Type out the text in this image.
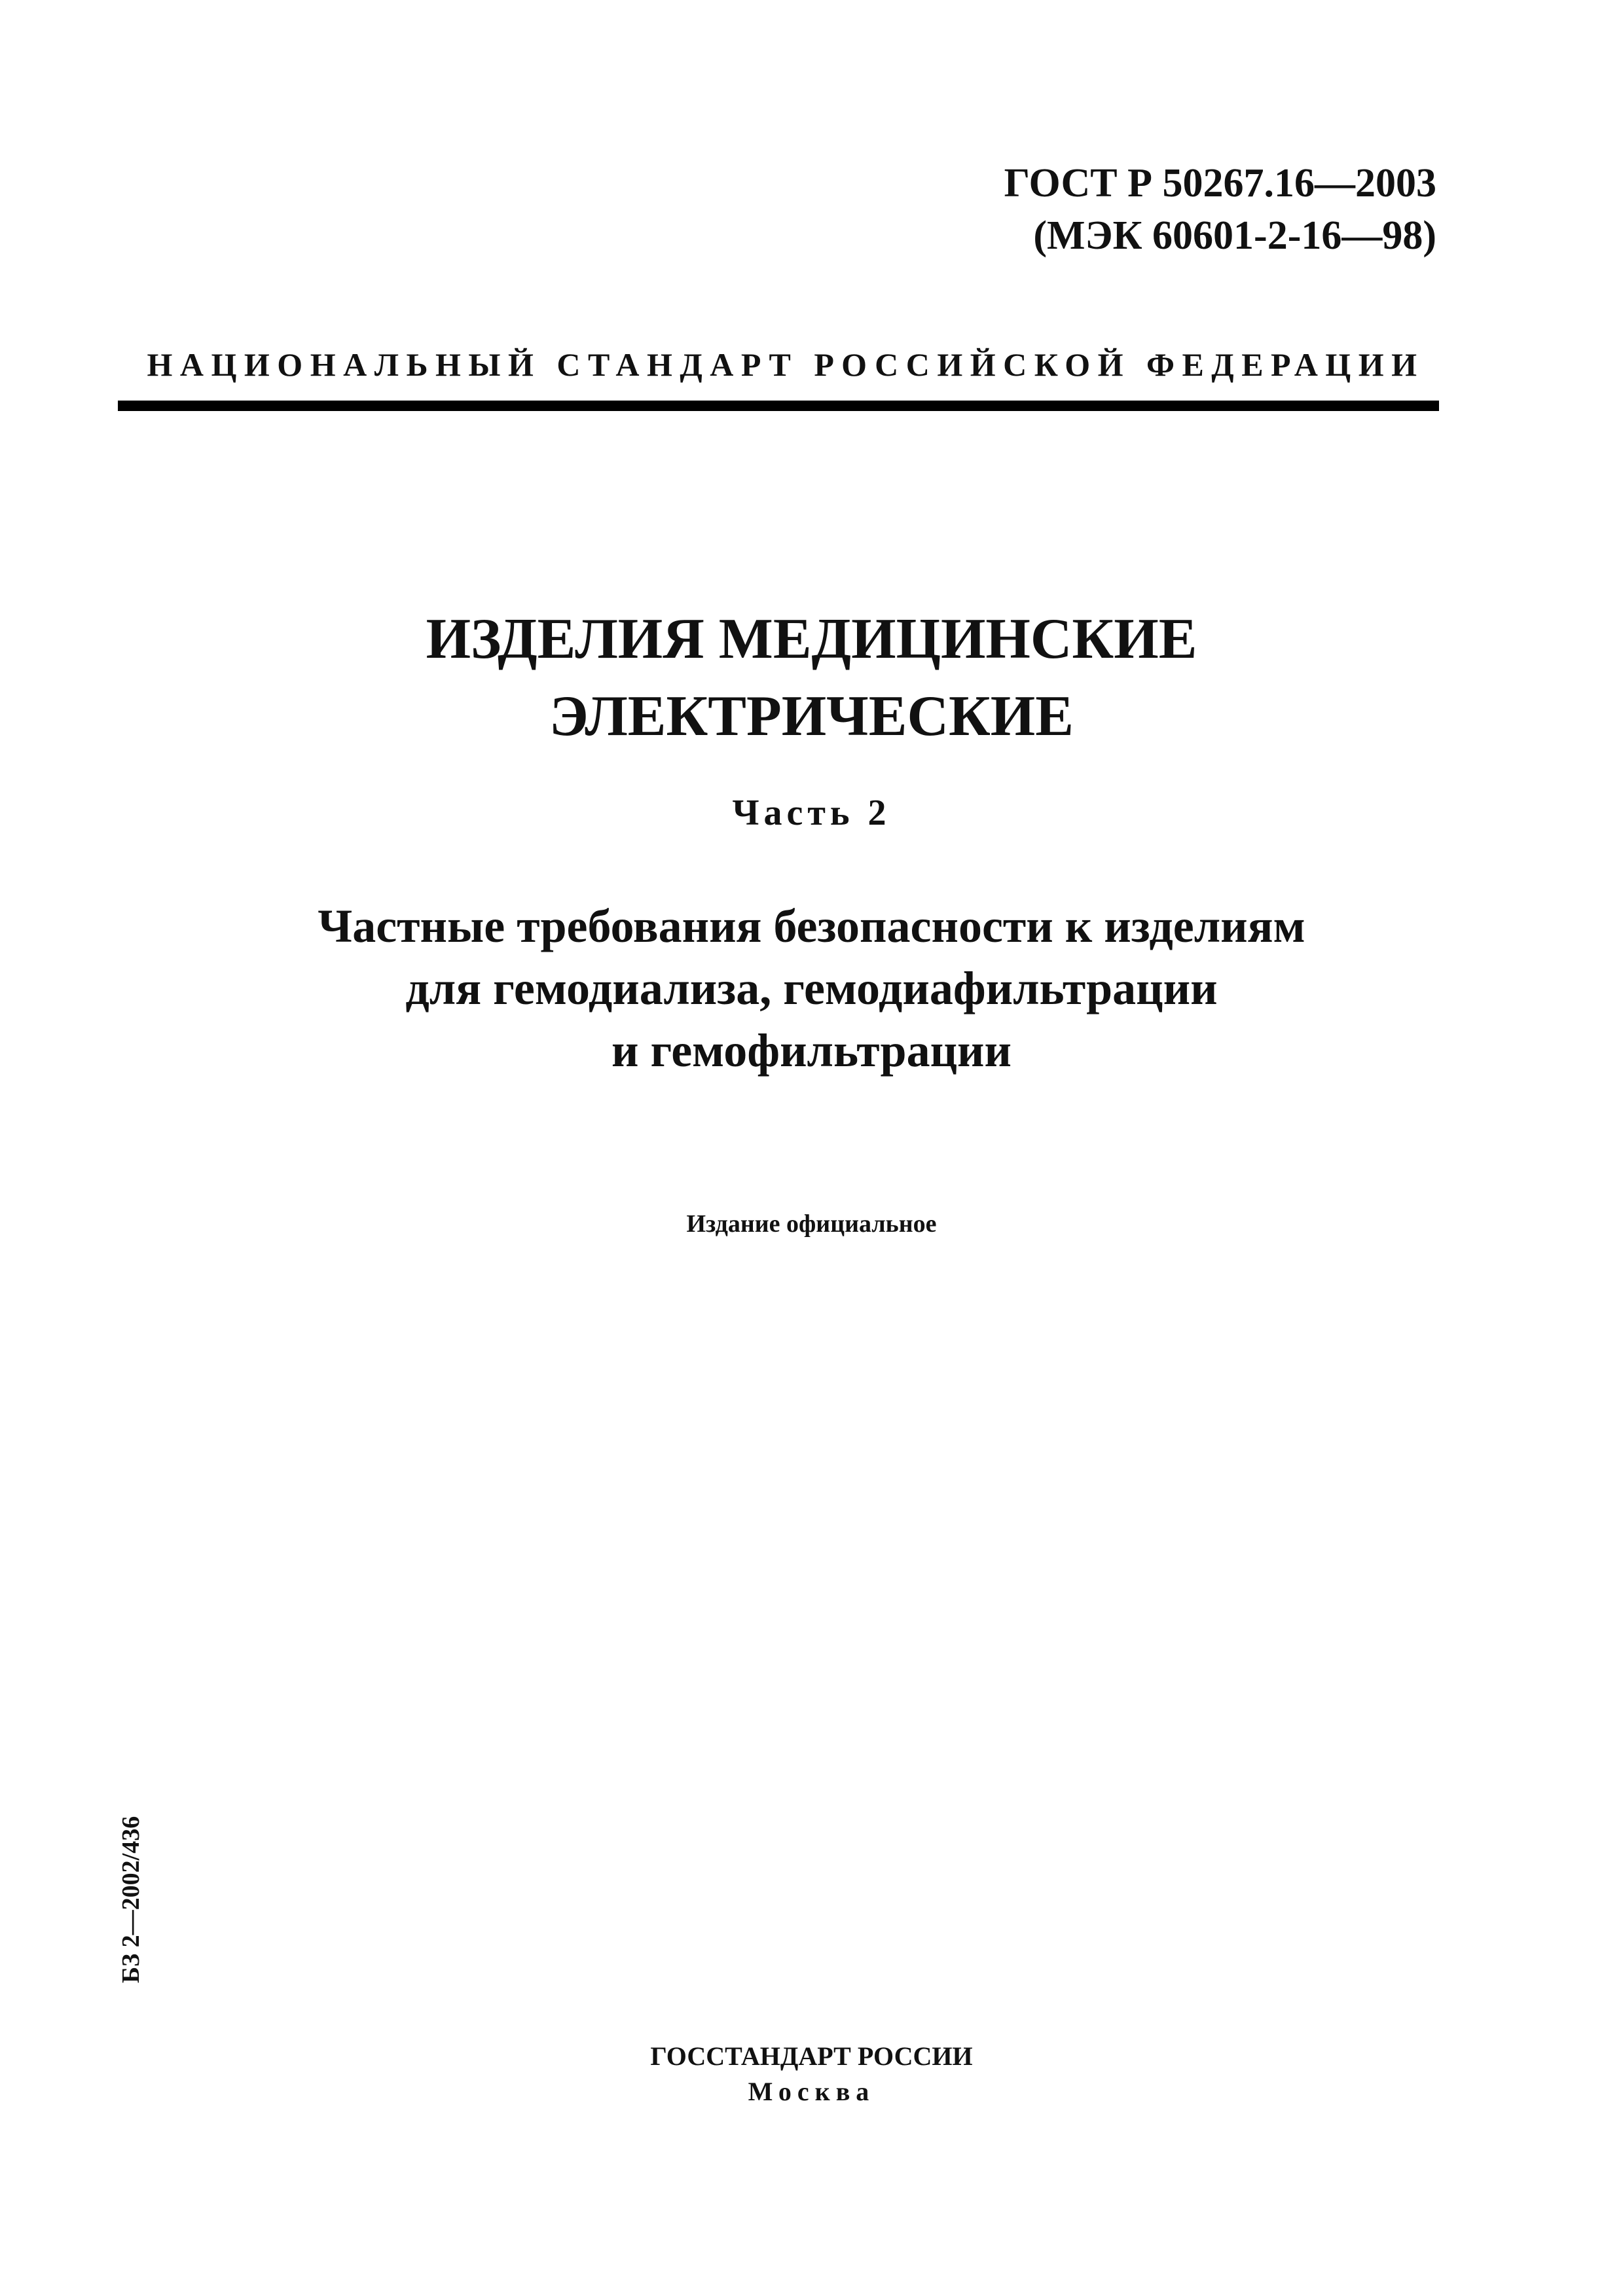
ГОСТ Р 50267.16—2003
(МЭК 60601-2-16—98)
НАЦИОНАЛЬНЫЙ СТАНДАРТ РОССИЙСКОЙ ФЕДЕРАЦИИ
ИЗДЕЛИЯ МЕДИЦИНСКИЕ
ЭЛЕКТРИЧЕСКИЕ
Часть 2
Частные требования безопасности к изделиям
для гемодиализа, гемодиафильтрации
и гемофильтрации
Издание официальное
БЗ 2—2002/436
ГОССТАНДАРТ РОССИИ
Москва
